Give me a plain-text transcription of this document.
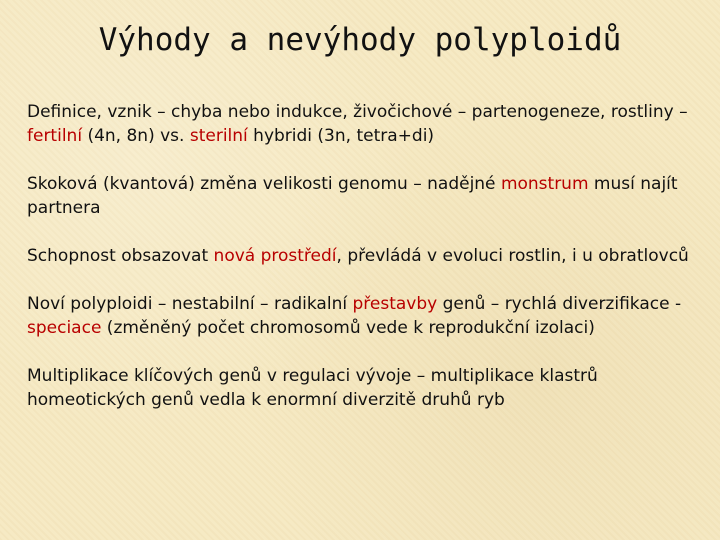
Výhody a nevýhody polyploidů
Definice, vznik – chyba nebo indukce, živočichové – partenogeneze, rostliny – fertilní (4n, 8n) vs. sterilní hybridi (3n, tetra+di)
Skoková (kvantová) změna velikosti genomu – nadějné monstrum musí najít partnera
Schopnost obsazovat nová prostředí, převládá v evoluci rostlin, i u obratlovců
Noví polyploidi – nestabilní – radikalní přestavby genů – rychlá diverzifikace - speciace (změněný počet chromosomů vede k reprodukční izolaci)
Multiplikace klíčových genů v regulaci vývoje – multiplikace klastrů homeotických genů vedla k enormní diverzitě druhů ryb
